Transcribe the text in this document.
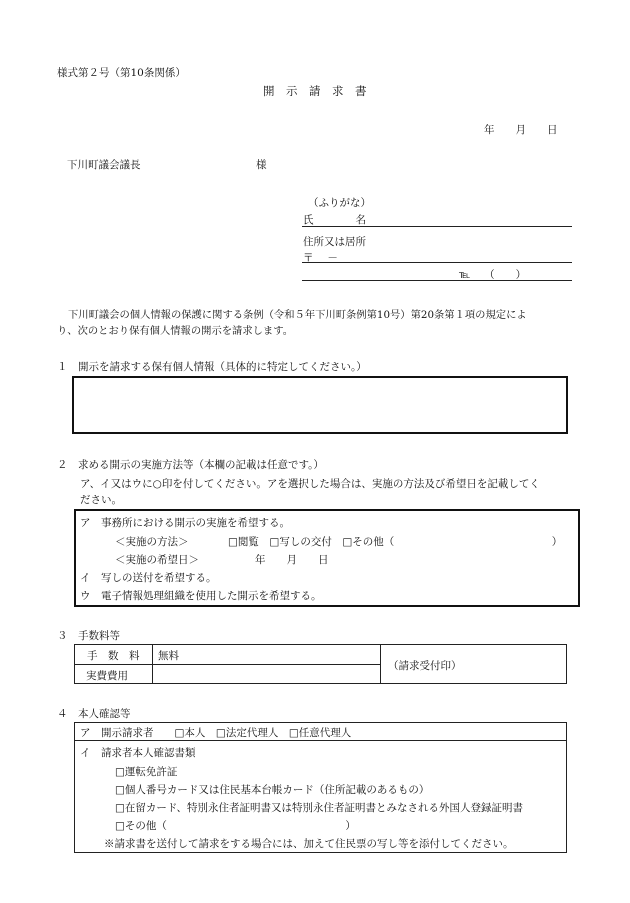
様式第２号（第10条関係）
開　示　請　求　書
年　　月　　日
下川町議会議長	様
（ふりがな）
氏　　　　名
住所又は居所
〒　 －
℡　 （　　）
下川町議会の個人情報の保護に関する条例（令和５年下川町条例第10号）第20条第１項の規定によ
り、次のとおり保有個人情報の開示を請求します。
１　開示を請求する保有個人情報（具体的に特定してください。）
２　求める開示の実施方法等（本欄の記載は任意です。）
ア、イ又はウに○印を付してください。アを選択した場合は、実施の方法及び希望日を記載してく
ださい。
ア　事務所における開示の実施を希望する。
＜実施の方法＞	□閲覧　□写しの交付　□その他（　　　　　　　　　　　　　　　）
＜実施の希望日＞	年　　月　　日
イ　写しの送付を希望する。
ウ　電子情報処理組織を使用した開示を希望する。
３　手数料等
手　数　料 無料
実費費用
（請求受付印）
４　本人確認等
ア　開示請求者　　□本人　□法定代理人　□任意代理人
イ　請求者本人確認書類
□運転免許証
□個人番号カード又は住民基本台帳カード（住所記載のあるもの）
□在留カード、特別永住者証明書又は特別永住者証明書とみなされる外国人登録証明書
□その他（　　　　　　　　　　　　　　　　　）
※請求書を送付して請求をする場合には、加えて住民票の写し等を添付してください。
